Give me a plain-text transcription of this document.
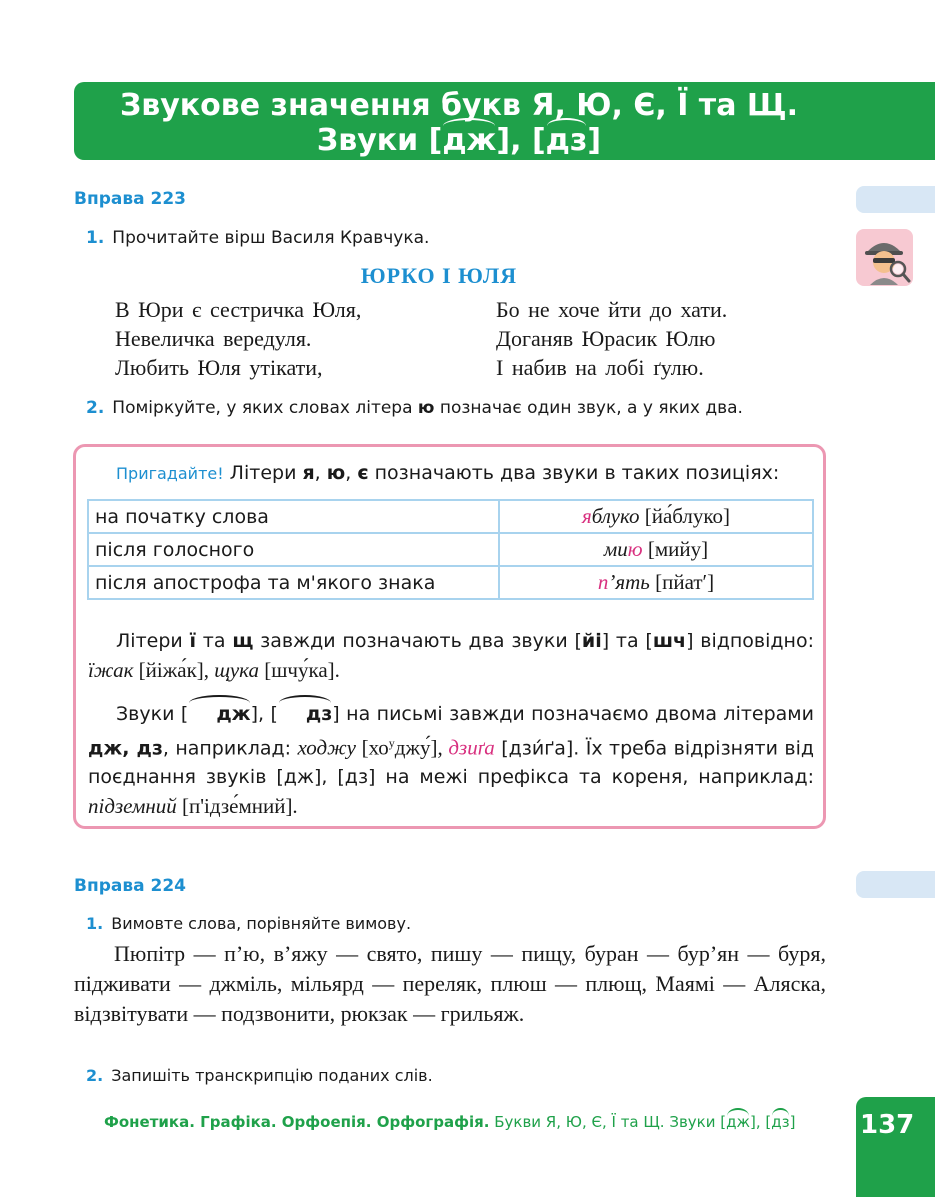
Звукове значення букв Я, Ю, Є, Ї та Щ.
Звуки [дж], [дз]
Вправа 223
1. Прочитайте вірш Василя Кравчука.
ЮРКО І ЮЛЯ
В Юри є сестричка Юля,
Невеличка вередуля.
Любить Юля утікати,
Бо не хоче йти до хати.
Доганяв Юрасик Юлю
І набив на лобі ґулю.
2. Поміркуйте, у яких словах літера ю позначає один звук, а у яких два.
Пригадайте! Літери я, ю, є позначають два звуки в таких позиціях:
на початку слова	яблуко [йа́блуко]
після голосного	мию [мийу]
після апострофа та м'якого знака	п’ять [пйат′]
Літери ї та щ завжди позначають два звуки [йі] та [шч] відповідно: їжак [йіжа́к], щука [шчу́ка].
Звуки [ дж], [ дз] на письмі завжди позначаємо двома літерами дж, дз, наприклад: ходжу $[хо^уджу́]$, дзиґа [дзи́ґа]. Їх треба відрізняти від поєднання звуків [дж], [дз] на межі префікса та кореня, наприклад: підземний [п'ідзе́мний].
Вправа 224
1. Вимовте слова, порівняйте вимову.
Пюпітр — п’ю, в’яжу — свято, пишу — пищу, буран — бур’ян — буря, підживати — джміль, мільярд — переляк, плюш — плющ, Маямі — Аляска, відзвітувати — подзвонити, рюкзак — грильяж.
2. Запишіть транскрипцію поданих слів.
Фонетика. Графіка. Орфоепія. Орфографія. Букви Я, Ю, Є, Ї та Щ. Звуки [дж], [дз] 137
